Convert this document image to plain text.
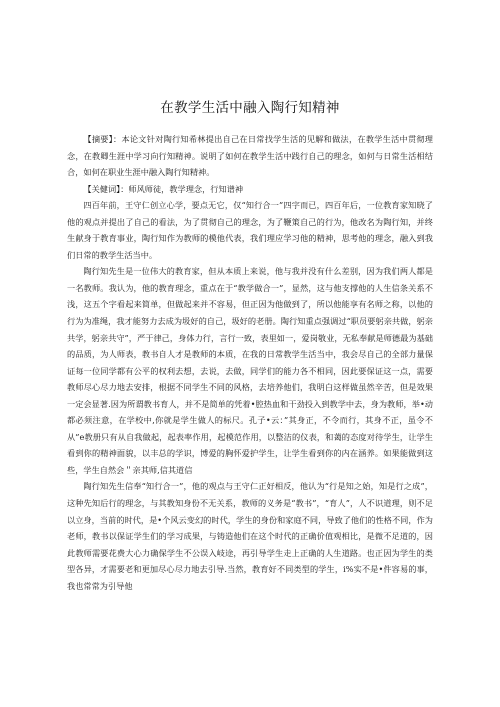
在教学生活中融入陶行知精神

【摘要】：本论文针对陶行知希林提出自己在日常找学生活的见解和做法，在教学生活中贯彻理念，在教卿生涯中学习向行知精神。说明了如何在教学生活中践行自己的理念，如何与日常生活相结合，如何在职业生涯中融入陶行知精神。

【关健词】：师风师徒，教学理念，行知谱神

四百年前，王守仁创立心学，要点无它，仅“知行合一”四字而已，四百年后，一位教育家知晓了他的观点并提出了自己的看法，为了贯彻自己的理念，为了鞭策自己的行为，他改名为陶行知，并终生献身于教育事业，陶行知作为教师的模他代表，我们理应学习他的精神，思考他的理念，融入到我们日常的教学生活当中。

陶行知先生是一位伟大的教育家，但从本质上来说，他与我并没有什么差别，因为我们两人都是一名教师。我认为，他的教育理念，重点在于“教学做合一”，显然，这与他支撑他的人生信条关系不浅，这五个字看起来简单，但做起来并不容易，但正因为他做到了，所以他能享有名师之称，以他的行为为准绳，我才能努力去成为圾好的自己，圾好的老册。陶行知重点强调过“职员要躬亲共做，躬亲共学，躬亲共守”，严于律己，身体力行，言行一致，表里如一，爱岗敬业，无私奉献是师德最为基础的品质，为人师表，教书自人才是教师的本质，在我的日常教学生活当中，我会尽自己的全部力量保证每一位同学都有公平的权利去想，去说，去做，同学们的能力各不相同，因此要保证这一点，需要教师尽心尽力地去安排，根据不同学生不同的风格，去培养他们，我明白这样做虽然辛苦，但是效果一定会显著.因为所谓教书育人，并不是简单的凭着•腔热血和干劲投入到教学中去，身为教师，举•动都必须注意，在学校中,你就是学生做人的标尺。孔子•云：”其身正，不令而行，其身不正，虽令不从”e教册只有从自我做起，起表率作用，起模范作用，以整洁的仪表，和蔼的态度对待学生，让学生看到你的精神面貌，以丰总的学识，博爱的胸怀爱护学生，让学生看到你的内在涵养。如果能做到这些，学生自然会＂亲其师,信其道信

陶行知先生信奉“知行合一”，他的观点与王守仁正好相反，他认为“行是知之始，知是行之成”，这种先知后行的理念，与其教知身份不无关系，教师的义务是“教书”，“育人”，人不识道理，则不足以立身，当前的时代，是•个风云变幻的时代，学生的身份和家庭不同，导致了他们的性格不同，作为老师，教书以保证学生们的学习成果，与铸造他们在这个时代的正确价值观相比，是微不足道的，因此教师需要花费大心力确保学生不公误入岐途，再引导学生走上正确的人生道路。也正因为学生的类型各异，才需要老和更加尽心尽力地去引导.当然，教育好不同类型的学生，i%实不是•件容易的事，我也常常为引导他
